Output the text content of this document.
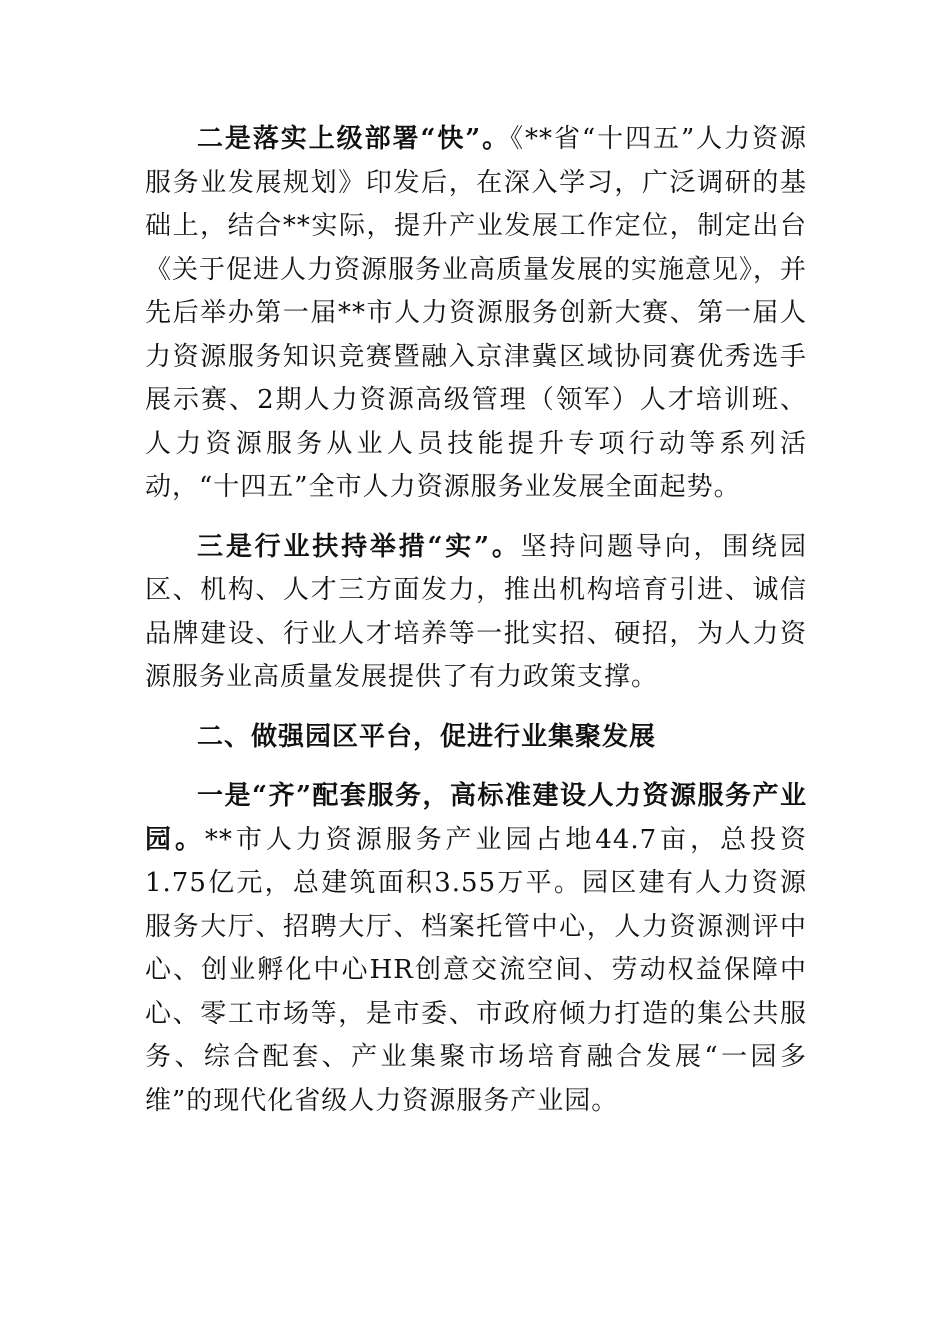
二是落实上级部署“快”。《**省“十四五”人力资源服务业发展规划》印发后，在深入学习，广泛调研的基础上，结合**实际，提升产业发展工作定位，制定出台《关于促进人力资源服务业高质量发展的实施意见》，并先后举办第一届**市人力资源服务创新大赛、第一届人力资源服务知识竞赛暨融入京津冀区域协同赛优秀选手展示赛、2期人力资源高级管理（领军）人才培训班、人力资源服务从业人员技能提升专项行动等系列活动，“十四五”全市人力资源服务业发展全面起势。

三是行业扶持举措“实”。坚持问题导向，围绕园区、机构、人才三方面发力，推出机构培育引进、诚信品牌建设、行业人才培养等一批实招、硬招，为人力资源服务业高质量发展提供了有力政策支撑。

二、做强园区平台，促进行业集聚发展

一是“齐”配套服务，高标准建设人力资源服务产业园。**市人力资源服务产业园占地44.7亩，总投资1.75亿元，总建筑面积3.55万平。园区建有人力资源服务大厅、招聘大厅、档案托管中心，人力资源测评中心、创业孵化中心HR创意交流空间、劳动权益保障中心、零工市场等，是市委、市政府倾力打造的集公共服务、综合配套、产业集聚市场培育融合发展“一园多维”的现代化省级人力资源服务产业园。
